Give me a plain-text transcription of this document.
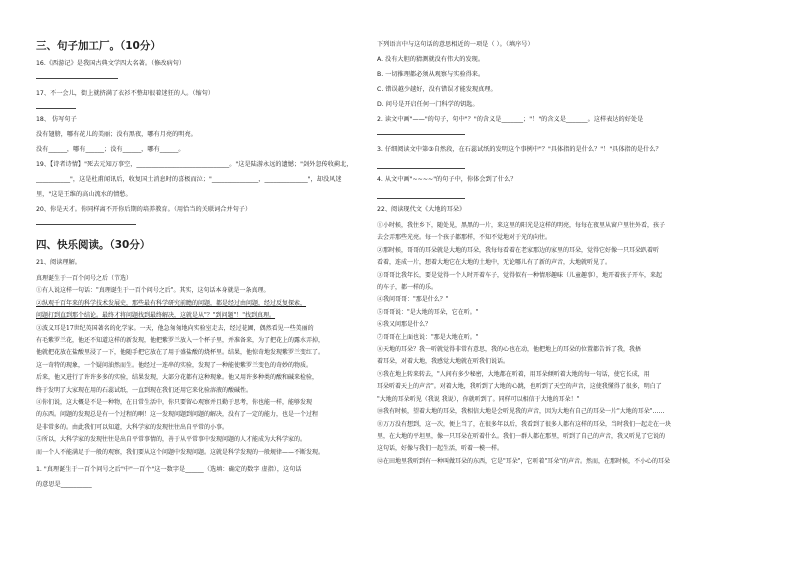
三、句子加工厂。（10分）
16.《西游记》是我国古典文学四大名著。（修改病句）
17、不一会儿，街上就挤满了衣衫不整却很着迷狂的人。（缩句）
18、 仿写句子
没有翅膀，哪有花儿的美丽；没有黑夜，哪有月亮的明亮。
没有______，哪有______；没有______，哪有______。
19、【诗者诗情】"死去元知万事空，______________________________。"这是陆游永远的遗憾；"剑外忽传收蓟北，
___________"，这是杜甫闻讯后，收复国土消息时的喜极而泣；"_______________，______________"，却没风迷
里，"这是王维的高山流水的情愁。
20、你是天才。你同样离不开你后期的培养教育。（用恰当的关联词合并句子）
四、快乐阅读。（30分）
21、阅读理解。
真理诞生于一百个问号之后（节选）
①有人说这样一句话："真理诞生于一百个问号之后"。其实，这句话本身就是一条真理。
②纵观千百年来的科学技术发展史，那些最有科学研究前瞻的问题，都是经过由问题，经过反复探索，
问题打到直到那个结论。最终才将问题找到最终解决，这就是从"？"到问题"！"找到真理。
③波义耳是17世纪英国著名的化学家。一天，他急匆匆地向实验室走去，经过花圃，偶然看见一些美丽的
有毛紫罗兰花，他还不知道这样的新发现，他把紫罗兰放入一个杯子里，并准备来，为了把花上的露水弄掉，
他就把花放在盐酸里浸了一下，他随手把它放在了用于盛盐酸的烧杯里。结果，他惊奇地发现紫罗兰变红了。
这一奇特的现象，一个疑问油然而生。他经过一连串的实验，发现了一种能使紫罗兰变色的奇妙的物质。
后来，他又进行了许许多多的实验，结果发现，大部分花都有这种现象。他又用许多种类的酸和碱来检验，
终于发明了大家现在用的石蕊试纸，一直到现在我们还用它来化验溶液的酸碱性。
④你们说，这大概是不是一种物，在日常生活中，你只要留心观察并且勤于思考，你也能一样，能够发现
的东西。问题的发现总是有一个过程的啊！这一发现问题到问题的解决，没有了一定的能力，也是一个过程
是非常多的。由此我们可以知道，大科学家的发现往往出自平常的小事。
⑤所以，大科学家的发现往往是出自平常事情的，善于从平常事中发现问题的人才能成为大科学家的。
而一个人不能满足于一般的观察，我们要从这个问题中发现问题。这就是科学发现的一般规律——不断发现。
1. "真理诞生于一百个问号之后"中"一百个"这一数字是______（选填：确定的数字 虚指），这句话
的意思是__________
下列语言中与这句话的意思相近的一项是（ ）。（填序号）
A. 没有大胆的猜测就没有伟大的发现。
B. 一切推理都必须从观察与实验得来。
C. 错误越少越好，没有错误才能发现真理。
D. 问号是开启任何一门科学的钥匙。
2. 读文中画"——"的句子，句中"？"的含义是_______；"！"的含义是_______。这样表达的好处是
3. 仔细阅读文中第③自然段，在石蕊试纸的发明这个事例中"？"具体指的是什么？"！"具体指的是什么？
4. 从文中画"~~~~"的句子中，你体会到了什么？
22、阅读现代文《大地的耳朵》
①小时候，我住乡下，随处见，黑黑的一片，来这里的阳光是这样的明亮，每每在夜里从窗户里往外看，孩子
去会弄那些光亮。每一个孩子都那样，不知不觉地对于光的向往。
②那时候，哥哥的耳朵就是大地的耳朵，我每每看着在老家那边的家里的耳朵，觉得它好像一只耳朵趴着听
看着，连成一片，想着大地它在大地的土地中，无论哪儿有了新的声音，大地就听见了。
③哥哥比我年长，要是觉得一个人时开着车子，觉得似有一种情形趣味（儿童趣事），地开着孩子开车，来起
的车子，都一样的乐。
④我问哥哥："那是什么？"
⑤哥哥说："是大地的耳朵，它在听。"
⑥我又问那是什么？
⑦哥哥在上面也说："那是大地在听。"
⑧天地的耳朵？我一听就觉得非常有意思，我的心也在动，他把地上的耳朵的位置都告诉了我，我捂
着耳朵，对着大地，我感觉大地就在听我们说话。
⑨我在地上转来转去，"人间有多少秘密，大地都在听着，用耳朵倾听着大地的每一句话，使它长成，用
耳朵听着天上的声音"。对着大地，我听到了大地的心跳，也听到了天空的声音，这使我懂得了很多，明白了
"大地的耳朵听见（我说 我说），你就听到了。同样可以相信于大地的耳朵！"
⑩我有时候，望着大地的耳朵，我相信大地是会听见我的声音，因为大地有自己的耳朵一片"大地的耳朵"……
⑪万万没有想到，这一次，便上当了，在很多年以后，我看到了很多人都有这样的耳朵，当时我们一起走在一块
里，在大地的平坦里，像一只耳朵在听着什么。我们一群人都在那里，听到了自己的声音，我又听见了它说的
这句话，好像与我们一起生活，听着一模一样。
⑫在田地里我听到有一种叫做耳朵的东西，它是"耳朵"，它听着"耳朵"的声音。然而，在那时候，不小心的耳朵
